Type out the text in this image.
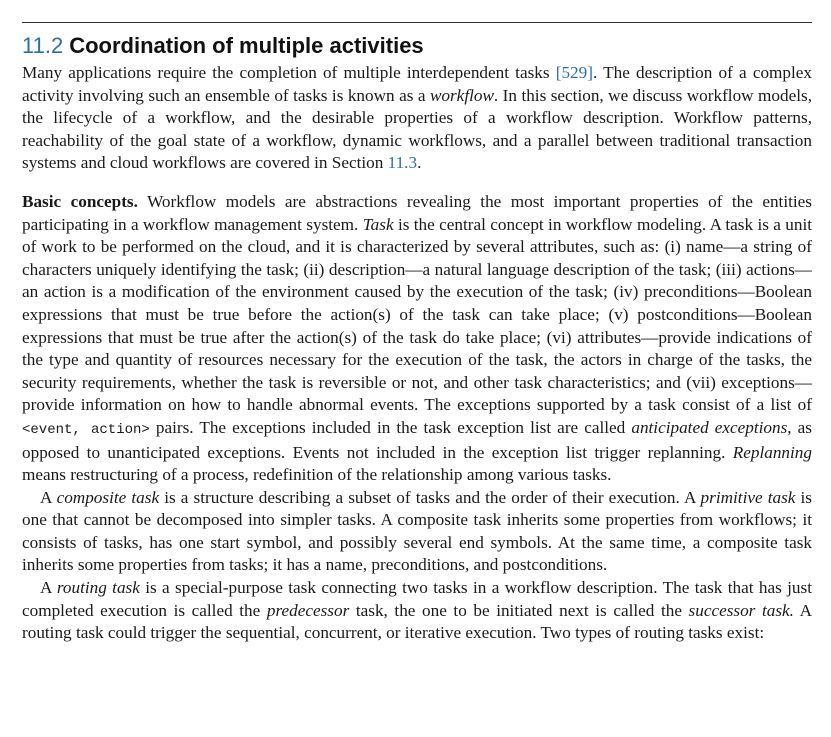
11.2 Coordination of multiple activities

Many applications require the completion of multiple interdependent tasks [529]. The description of a complex activity involving such an ensemble of tasks is known as a workflow. In this section, we discuss workflow models, the lifecycle of a workflow, and the desirable properties of a workflow description. Workflow patterns, reachability of the goal state of a workflow, dynamic workflows, and a parallel between traditional transaction systems and cloud workflows are covered in Section 11.3.

Basic concepts. Workflow models are abstractions revealing the most important properties of the entities participating in a workflow management system. Task is the central concept in workflow modeling. A task is a unit of work to be performed on the cloud, and it is characterized by several attributes, such as: (i) name—a string of characters uniquely identifying the task; (ii) description—a natural language description of the task; (iii) actions—an action is a modification of the environment caused by the execution of the task; (iv) preconditions—Boolean expressions that must be true before the action(s) of the task can take place; (v) postconditions—Boolean expressions that must be true after the action(s) of the task do take place; (vi) attributes—provide indications of the type and quantity of resources necessary for the execution of the task, the actors in charge of the tasks, the security requirements, whether the task is reversible or not, and other task characteristics; and (vii) exceptions—provide information on how to handle abnormal events. The exceptions supported by a task consist of a list of <event, action> pairs. The exceptions included in the task exception list are called anticipated exceptions, as opposed to unanticipated exceptions. Events not included in the exception list trigger replanning. Replanning means restructuring of a process, redefinition of the relationship among various tasks.

A composite task is a structure describing a subset of tasks and the order of their execution. A primitive task is one that cannot be decomposed into simpler tasks. A composite task inherits some properties from workflows; it consists of tasks, has one start symbol, and possibly several end symbols. At the same time, a composite task inherits some properties from tasks; it has a name, preconditions, and postconditions.

A routing task is a special-purpose task connecting two tasks in a workflow description. The task that has just completed execution is called the predecessor task, the one to be initiated next is called the successor task. A routing task could trigger the sequential, concurrent, or iterative execution. Two types of routing tasks exist:
